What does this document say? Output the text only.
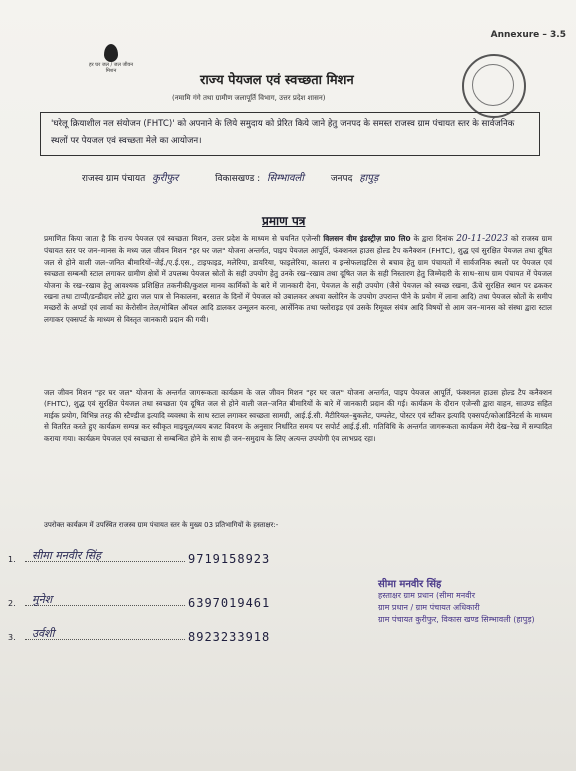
Annexure – 3.5
हर घर जल / जल जीवन मिशन
राज्य पेयजल एवं स्वच्छता मिशन
(नमामि गंगे तथा ग्रामीण जलापूर्ति विभाग, उत्तर प्रदेश शासन)
'घरेलू क्रियाशील नल संयोजन (FHTC)' को अपनाने के लिये समुदाय को प्रेरित किये जाने हेतु जनपद के समस्त राजस्व ग्राम पंचायत स्तर के सार्वजनिक स्थलों पर पेयजल एवं स्वच्छता मेले का आयोजन।
राजस्व ग्राम पंचायत कुरीफुर	विकासखण्ड : सिम्भावली	जनपद हापुड़
प्रमाण पत्र
प्रमाणित किया जाता है कि राज्य पेयजल एवं स्वच्छता मिशन, उत्तर प्रदेश के माध्यम से चयनित एजेन्सी विलसन वीम इंडस्ट्रीज़ प्रा0 लि0 के द्वारा दिनांक 20-11-2023 को राजस्व ग्राम पंचायत स्तर पर जन–मानस के मध्य जल जीवन मिशन "हर घर जल" योजना अन्तर्गत, पाइप पेयजल आपूर्ति, फंक्शनल हाउस होल्ड टैप कनैक्शन (FHTC), शुद्ध एवं सुरक्षित पेयजल तथा दूषित जल से होने वाली जल–जनित बीमारियों–जेई./ए.ई.एस., टाइफाइड, मलेरिया, डायरिया, फाइलेरिया, कालरा व इन्सेफलाइटिस से बचाव हेतु ग्राम पंचायतों में सार्वजनिक स्थलों पर पेयजल एवं स्वच्छता सम्बन्धी स्टाल लगाकर ग्रामीण क्षेत्रों में उपलब्ध पेयजल स्रोतों के सही उपयोग हेतु उनके रख–रखाव तथा दूषित जल के सही निस्तारण हेतु जिम्मेदारी के साथ–साथ ग्राम पंचायत में पेयजल योजना के रख–रखाव हेतु आवश्यक प्रशिक्षित तकनीकी/कुशल मानव कार्मिकों के बारे में जानकारी देना, पेयजल के सही उपयोग (जैसे पेयजल को स्वच्छ रखना, ऊँचे सुरक्षित स्थान पर ढककर रखना तथा टाप्पी/डन्डीदार लोटे द्वारा जल पात्र से निकालना, बरसात के दिनों में पेयजल को उबालकर अथवा क्लोरिन के उपयोग उपरान्त पीने के प्रयोग में लाना आदि) तथा पेयजल स्रोतों के समीप मच्छरों के अण्डों एवं लार्वा का केरोसीन तेल/मोबिल ऑयल आदि डालकर उन्मूलन करना, आर्सेनिक तथा फ्लोराइड एवं उसके रिमूवल संयंत्र आदि विषयों से आम जन–मानस को संस्था द्वारा स्टाल लगाकर एक्सपर्ट के माध्यम से विस्तृत जानकारी प्रदान की गयी।
जल जीवन मिशन "हर घर जल" योजना के अन्तर्गत जागरूकता कार्यक्रम के जल जीवन मिशन "हर घर जल" योजना अन्तर्गत, पाइप पेयजल आपूर्ति, फंक्शनल हाउस होल्ड टैप कनैक्शन (FHTC), शुद्ध एवं सुरक्षित पेयजल तथा स्वच्छता एंव दूषित जल से होने वाली जल–जनित बीमारियों के बारे में जानकारी प्रदान की गई। कार्यक्रम के दौरान एजेन्सी द्वारा वाहन, साउण्ड सहित माईक प्रयोग, विभिन्न तरह की स्टैण्डीज इत्यादि व्यवस्था के साथ स्टाल लगाकर स्वच्छता सामग्री, आई.ई.सी. मैटीरियल–बुकलेट, पम्पलेट, पोस्टर एवं स्टीकर इत्यादि एक्सपर्ट/कोआर्डिनेटर्स के माध्यम से वितरित करते हुए कार्यक्रम सम्पन्न कर स्वीकृत माइयूल/व्यय बजट विवरण के अनुसार निर्धारित समय पर सपोर्ट आई.ई.सी. गतिविधि के अन्तर्गत जागरूकता कार्यक्रम मेरी देख–रेख में सम्पादित कराया गया। कार्यक्रम पेयजल एवं स्वच्छता से सम्बन्धित होने के साथ ही जन–समुदाय के लिए अत्यन्त उपयोगी एंव लाभप्रद रहा।
उपरोक्त कार्यक्रम में उपस्थित राजस्व ग्राम पंचायत स्तर के मुख्य 03 प्रतिभागियों के हस्ताक्षर:-
1. सीमा मनवीर सिंह	9719158923
2. मुनेश	6397019461
3. उर्वशी	8923233918
सीमा मनवीर सिंह
हस्ताक्षर ग्राम प्रधान (सीमा मनवीर
ग्राम प्रधान / ग्राम पंचायत अधिकारी
ग्राम पंचायत कुरीफुर, विकास खण्ड सिम्भावली (हापुड़)
